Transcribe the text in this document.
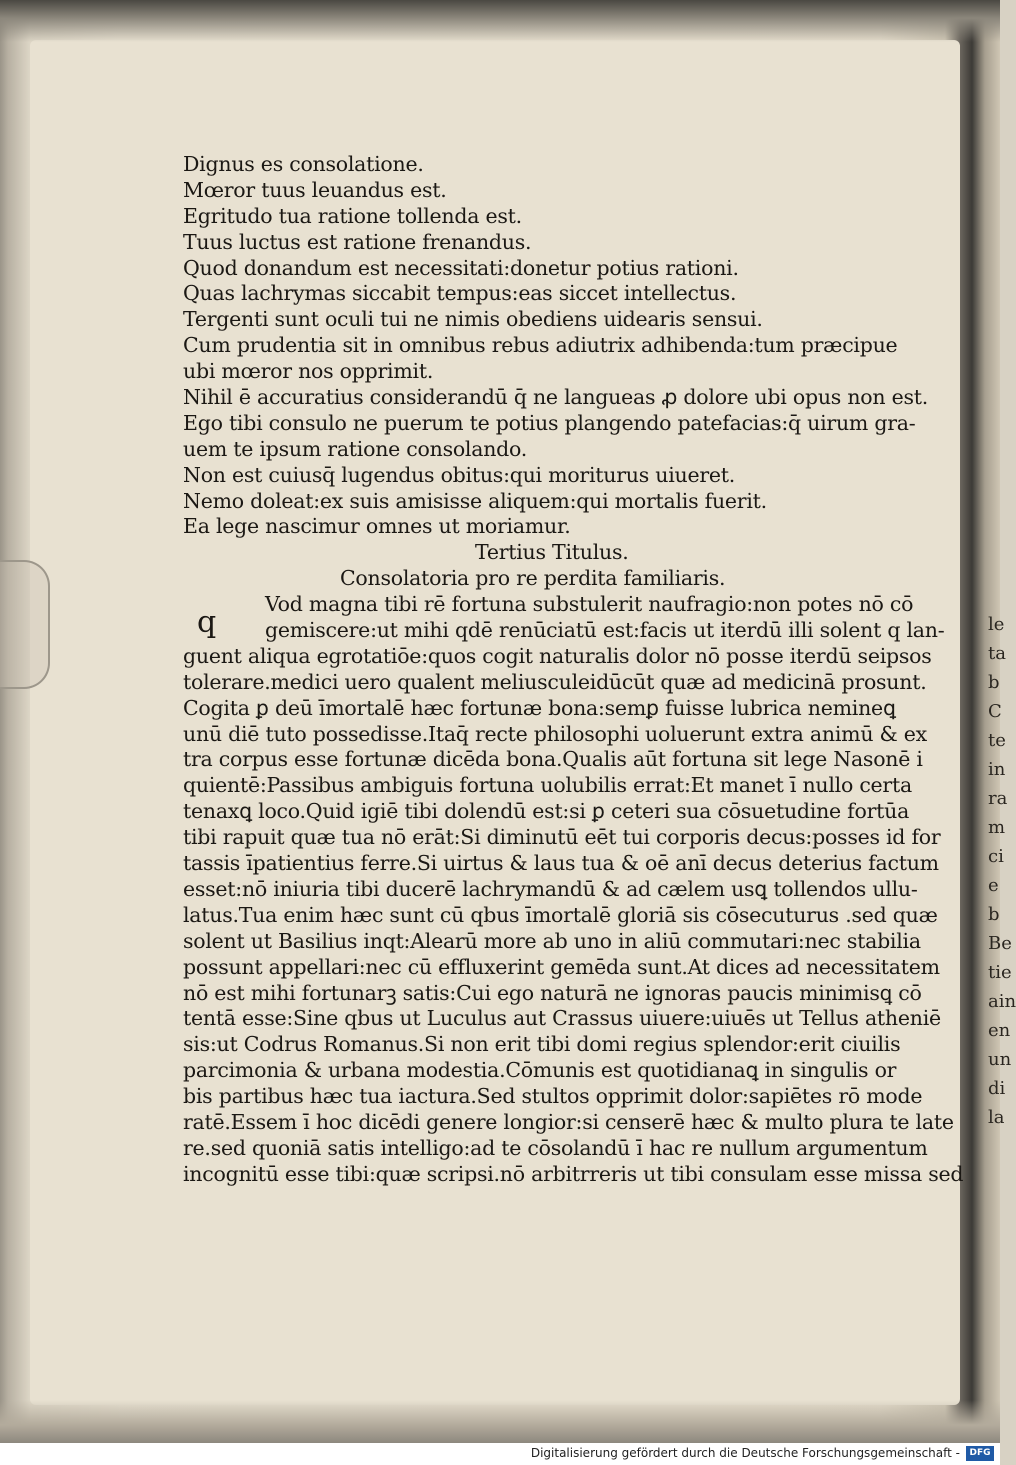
Dignus es consolatione.
Mœror tuus leuandus est.
Egritudo tua ratione tollenda est.
Tuus luctus est ratione frenandus.
Quod donandum est necessitati:donetur potius rationi.
Quas lachrymas siccabit tempus:eas siccet intellectus.
Tergenti sunt oculi tui ne nimis obediens uidearis sensui.
Cum prudentia sit in omnibus rebus adiutrix adhibenda:tum præcipue
ubi mœror nos opprimit.
Nihil ē accuratius considerandū q̄ ne langueas ꝓ dolore ubi opus non est.
Ego tibi consulo ne puerum te potius plangendo patefacias:q̄ uirum gra-
uem te ipsum ratione consolando.
Non est cuiusq̄ lugendus obitus:qui moriturus uiueret.
Nemo doleat:ex suis amisisse aliquem:qui mortalis fuerit.
Ea lege nascimur omnes ut moriamur.
Tertius Titulus.
Consolatoria pro re perdita familiaris.
q
Vod magna tibi rē fortuna substulerit naufragio:non potes nō cō
gemiscere:ut mihi qdē renūciatū est:facis ut iterdū illi solent q lan-
guent aliqua egrotatiōe:quos cogit naturalis dolor nō posse iterdū seipsos
tolerare.medici uero qualent meliusculeidūcūt quæ ad medicinā prosunt.
Cogita ꝑ deū īmortalē hæc fortunæ bona:semꝑ fuisse lubrica nemineꝗ
unū diē tuto possedisse.Itaq̄ recte philosophi uoluerunt extra animū & ex
tra corpus esse fortunæ dicēda bona.Qualis aūt fortuna sit lege Nasonē i
quientē:Passibus ambiguis fortuna uolubilis errat:Et manet ī nullo certa
tenaxꝗ loco.Quid igiē tibi dolendū est:si ꝑ ceteri sua cōsuetudine fortūa
tibi rapuit quæ tua nō erāt:Si diminutū eēt tui corporis decus:posses id for
tassis īpatientius ferre.Si uirtus & laus tua & oē anī decus deterius factum
esset:nō iniuria tibi ducerē lachrymandū & ad cælem usꝗ tollendos ullu-
latus.Tua enim hæc sunt cū qbus īmortalē gloriā sis cōsecuturus .sed quæ
solent ut Basilius inqt:Alearū more ab uno in aliū commutari:nec stabilia
possunt appellari:nec cū effluxerint gemēda sunt.At dices ad necessitatem
nō est mihi fortunarꝫ satis:Cui ego naturā ne ignoras paucis minimisꝗ cō
tentā esse:Sine qbus ut Luculus aut Crassus uiuere:uiuēs ut Tellus atheniē
sis:ut Codrus Romanus.Si non erit tibi domi regius splendor:erit ciuilis
parcimonia & urbana modestia.Cōmunis est quotidianaꝗ in singulis or
bis partibus hæc tua iactura.Sed stultos opprimit dolor:sapiētes rō mode
ratē.Essem ī hoc dicēdi genere longior:si censerē hæc & multo plura te late
re.sed quoniā satis intelligo:ad te cōsolandū ī hac re nullum argumentum
incognitū esse tibi:quæ scripsi.nō arbitrreris ut tibi consulam esse missa sed
le
ta
b
C
te
in
ra
m
ci
e
b
Be
tie
ain
en
un
di
la
Digitalisierung gefördert durch die Deutsche Forschungsgemeinschaft -	DFG
